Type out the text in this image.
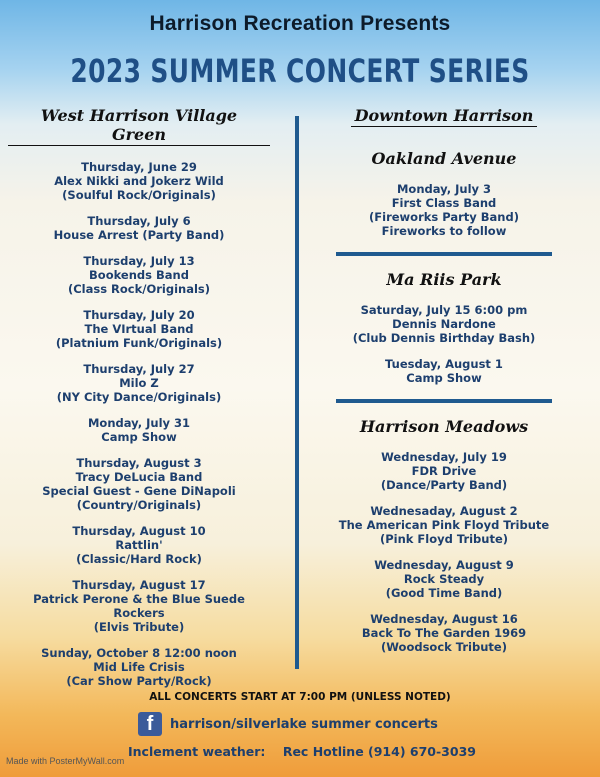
Harrison Recreation Presents
2023 SUMMER CONCERT SERIES
West Harrison Village Green
Thursday, June 29
Alex Nikki and Jokerz Wild
(Soulful Rock/Originals)
Thursday, July 6
House Arrest (Party Band)
Thursday, July 13
Bookends Band
(Class Rock/Originals)
Thursday, July 20
The VIrtual Band
(Platnium Funk/Originals)
Thursday, July 27
Milo Z
(NY City Dance/Originals)
Monday, July 31
Camp Show
Thursday, August 3
Tracy DeLucia Band
Special Guest - Gene DiNapoli
(Country/Originals)
Thursday, August 10
Rattlin'
(Classic/Hard Rock)
Thursday, August 17
Patrick Perone & the Blue Suede Rockers
(Elvis Tribute)
Sunday, October 8 12:00 noon
Mid Life Crisis
(Car Show Party/Rock)
Downtown Harrison
Oakland Avenue
Monday, July 3
First Class Band
(Fireworks Party Band)
Fireworks to follow
Ma Riis Park
Saturday, July 15 6:00 pm
Dennis Nardone
(Club Dennis Birthday Bash)
Tuesday, August 1
Camp Show
Harrison Meadows
Wednesday, July 19
FDR Drive
(Dance/Party Band)
Wednesaday, August 2
The American Pink Floyd Tribute
(Pink Floyd Tribute)
Wednesday, August 9
Rock Steady
(Good Time Band)
Wednesday, August 16
Back To The Garden 1969
(Woodsock Tribute)
ALL CONCERTS START AT 7:00 PM (UNLESS NOTED)
f	harrison/silverlake summer concerts
Inclement weather:    Rec Hotline (914) 670-3039
Made with PosterMyWall.com
